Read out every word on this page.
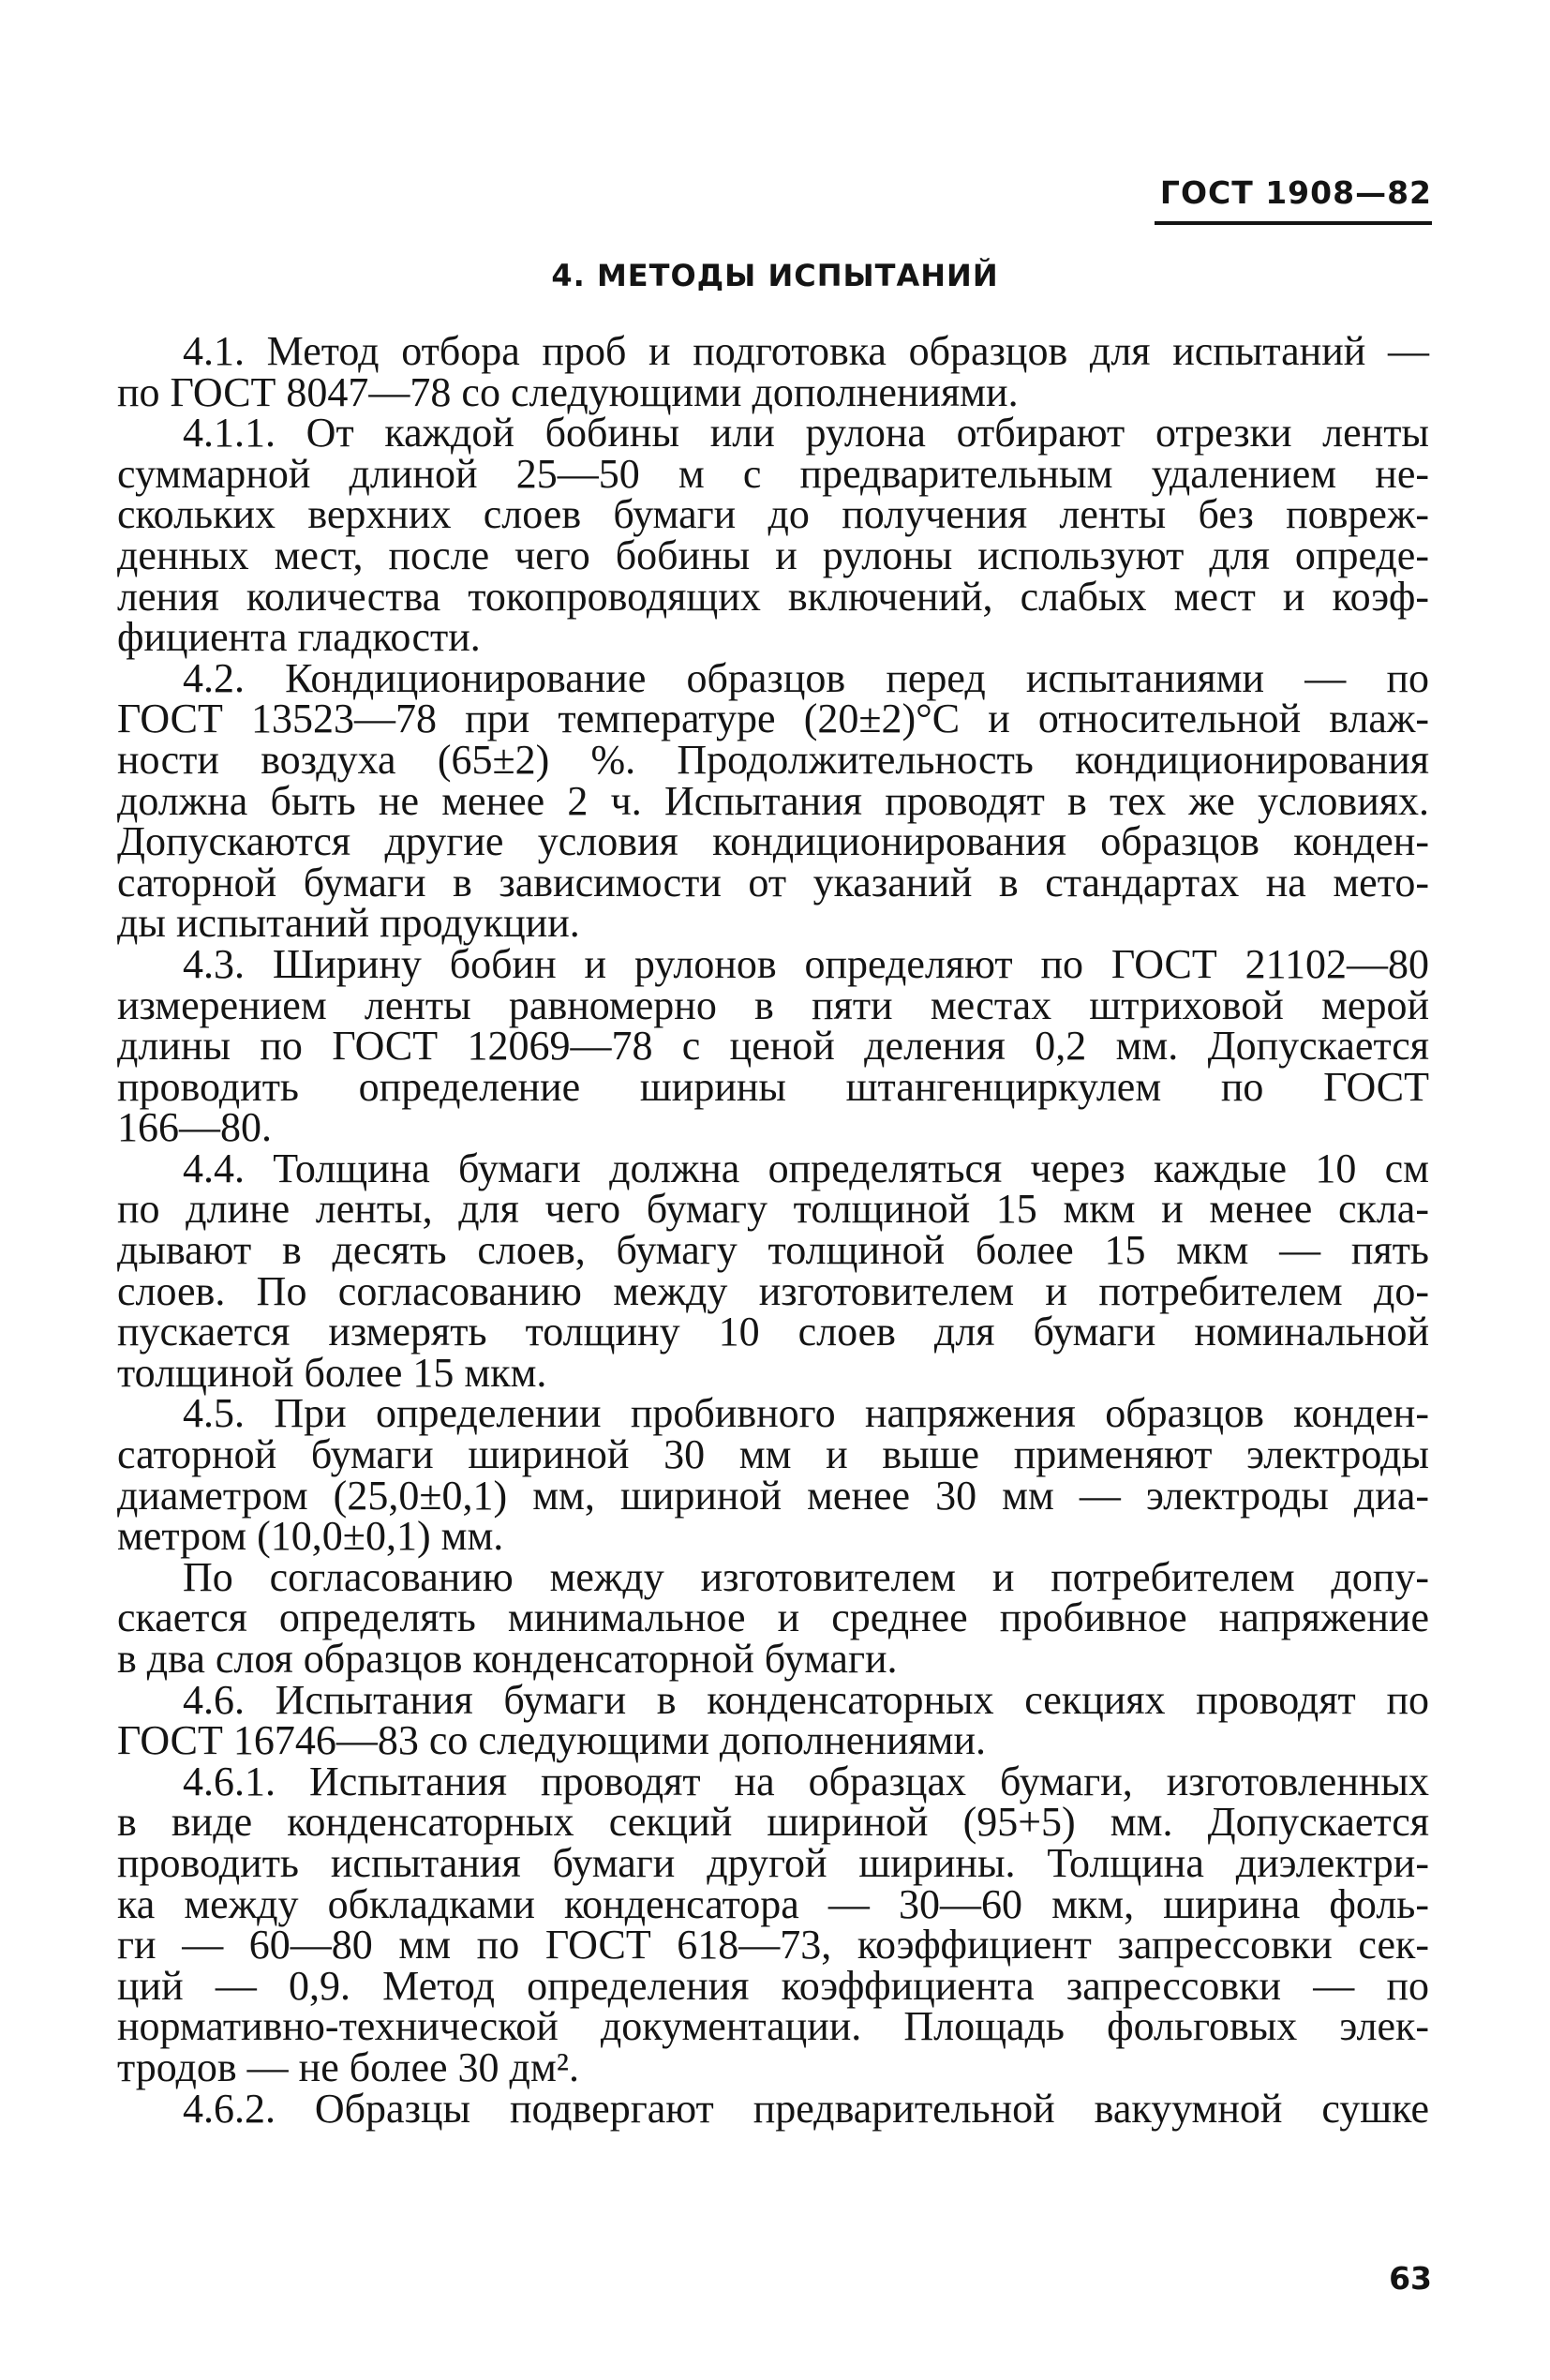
ГОСТ 1908—82
4. МЕТОДЫ ИСПЫТАНИЙ
4.1. Метод отбора проб и подготовка образцов для испытаний —
по ГОСТ 8047—78 со следующими дополнениями.
4.1.1. От каждой бобины или рулона отбирают отрезки ленты
суммарной длиной 25—50 м с предварительным удалением не-
скольких верхних слоев бумаги до получения ленты без повреж-
денных мест, после чего бобины и рулоны используют для опреде-
ления количества токопроводящих включений, слабых мест и коэф-
фициента гладкости.
4.2. Кондиционирование образцов перед испытаниями — по
ГОСТ 13523—78 при температуре (20±2)°С и относительной влаж-
ности воздуха (65±2) %. Продолжительность кондиционирования
должна быть не менее 2 ч. Испытания проводят в тех же условиях.
Допускаются другие условия кондиционирования образцов конден-
саторной бумаги в зависимости от указаний в стандартах на мето-
ды испытаний продукции.
4.3. Ширину бобин и рулонов определяют по ГОСТ 21102—80
измерением ленты равномерно в пяти местах штриховой мерой
длины по ГОСТ 12069—78 с ценой деления 0,2 мм. Допускается
проводить определение ширины штангенциркулем по ГОСТ
166—80.
4.4. Толщина бумаги должна определяться через каждые 10 см
по длине ленты, для чего бумагу толщиной 15 мкм и менее скла-
дывают в десять слоев, бумагу толщиной более 15 мкм — пять
слоев. По согласованию между изготовителем и потребителем до-
пускается измерять толщину 10 слоев для бумаги номинальной
толщиной более 15 мкм.
4.5. При определении пробивного напряжения образцов конден-
саторной бумаги шириной 30 мм и выше применяют электроды
диаметром (25,0±0,1) мм, шириной менее 30 мм — электроды диа-
метром (10,0±0,1) мм.
По согласованию между изготовителем и потребителем допу-
скается определять минимальное и среднее пробивное напряжение
в два слоя образцов конденсаторной бумаги.
4.6. Испытания бумаги в конденсаторных секциях проводят по
ГОСТ 16746—83 со следующими дополнениями.
4.6.1. Испытания проводят на образцах бумаги, изготовленных
в виде конденсаторных секций шириной (95+5) мм. Допускается
проводить испытания бумаги другой ширины. Толщина диэлектри-
ка между обкладками конденсатора — 30—60 мкм, ширина фоль-
ги — 60—80 мм по ГОСТ 618—73, коэффициент запрессовки сек-
ций — 0,9. Метод определения коэффициента запрессовки — по
нормативно-технической документации. Площадь фольговых элек-
тродов — не более 30 дм².
4.6.2. Образцы подвергают предварительной вакуумной сушке
63
